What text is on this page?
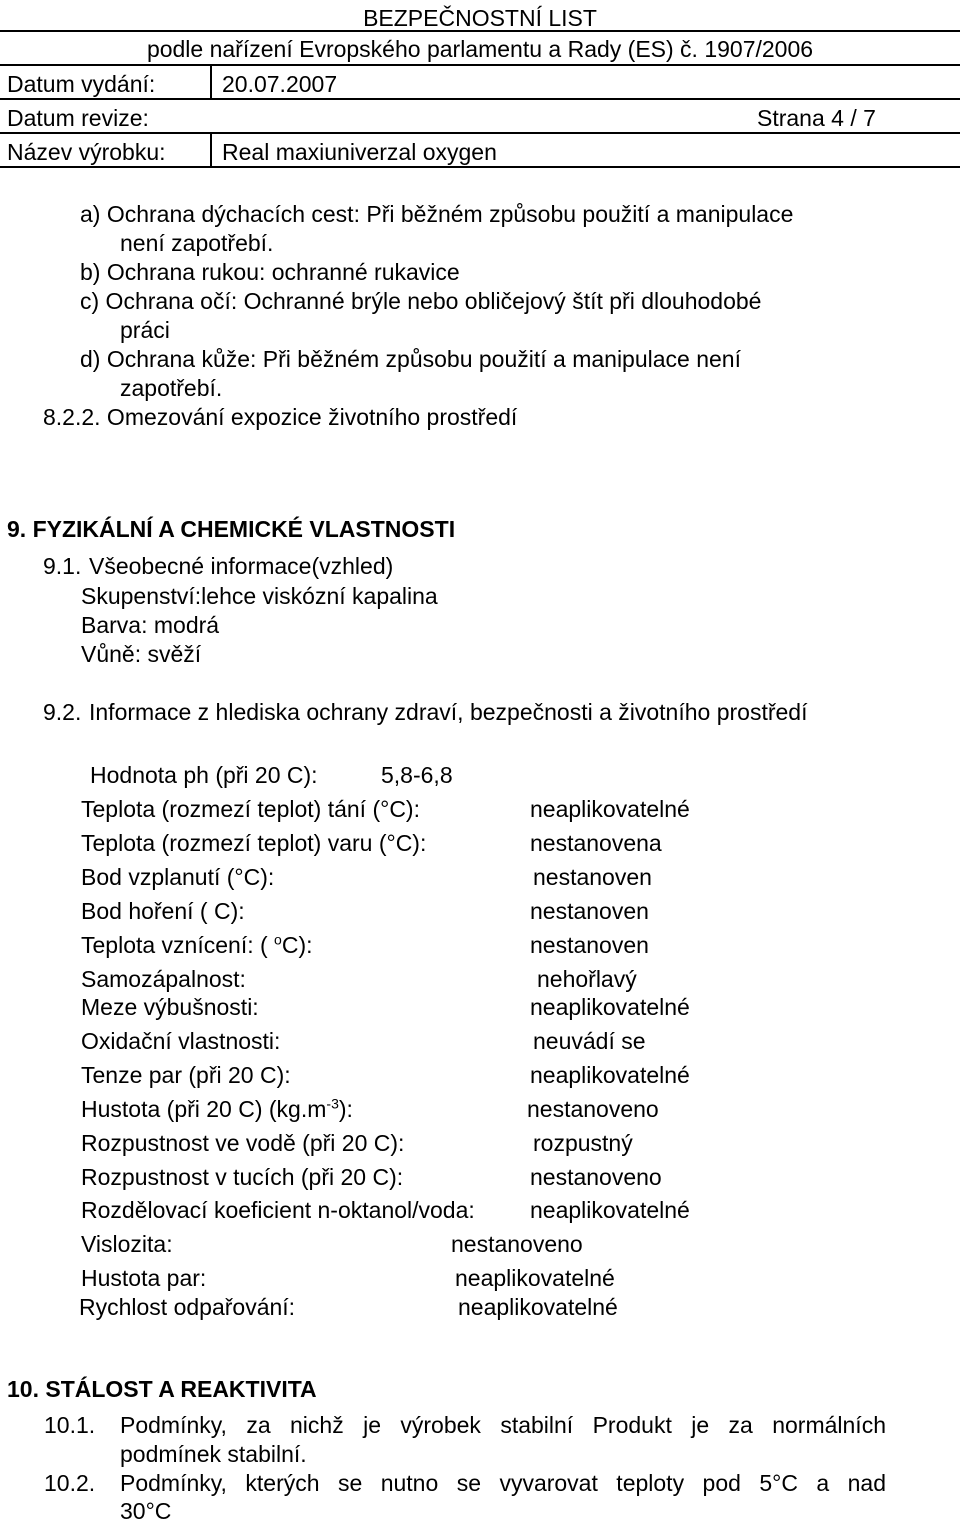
BEZPEČNOSTNÍ LIST
podle nařízení Evropského parlamentu a Rady (ES) č. 1907/2006
Datum vydání:	20.07.2007
Datum revize:	Strana 4 / 7
Název výrobku: Real maxiuniverzal oxygen
a) Ochrana dýchacích cest: Při běžném způsobu použití a manipulace
není zapotřebí.
b) Ochrana rukou: ochranné rukavice
c) Ochrana očí: Ochranné brýle nebo obličejový štít při dlouhodobé
práci
d) Ochrana kůže: Při běžném způsobu použití a manipulace není
zapotřebí.
8.2.2. Omezování expozice životního prostředí
9. FYZIKÁLNÍ A CHEMICKÉ VLASTNOSTI
9.1. Všeobecné informace(vzhled)
Skupenství:lehce viskózní kapalina
Barva: modrá
Vůně: svěží
9.2. Informace z hlediska ochrany zdraví, bezpečnosti a životního prostředí
Hodnota ph (při 20 C):	5,8-6,8
Teplota (rozmezí teplot) tání (°C):	neaplikovatelné
Teplota (rozmezí teplot) varu (°C):	nestanovena
Bod vzplanutí (°C):	nestanoven
Bod hoření ( C):	nestanoven
Teplota vznícení: ( $^o$C):	nestanoven
Samozápalnost:	nehořlavý
Meze výbušnosti:	neaplikovatelné
Oxidační vlastnosti:	neuvádí se
Tenze par (při 20 C):	neaplikovatelné
Hustota (při 20 C) $(kg.m^{-3})$:	nestanoveno
Rozpustnost ve vodě (při 20 C):	rozpustný
Rozpustnost v tucích (při 20 C):	nestanoveno
Rozdělovací koeficient n-oktanol/voda: neaplikovatelné
Vislozita:	nestanoveno
Hustota par:	neaplikovatelné
Rychlost odpařování:	neaplikovatelné
10. STÁLOST A REAKTIVITA
10.1. Podmínky, za nichž je výrobek stabilní Produkt je za normálních
podmínek stabilní.
10.2. Podmínky, kterých se nutno se vyvarovat teploty pod 5°C a nad
30°C
